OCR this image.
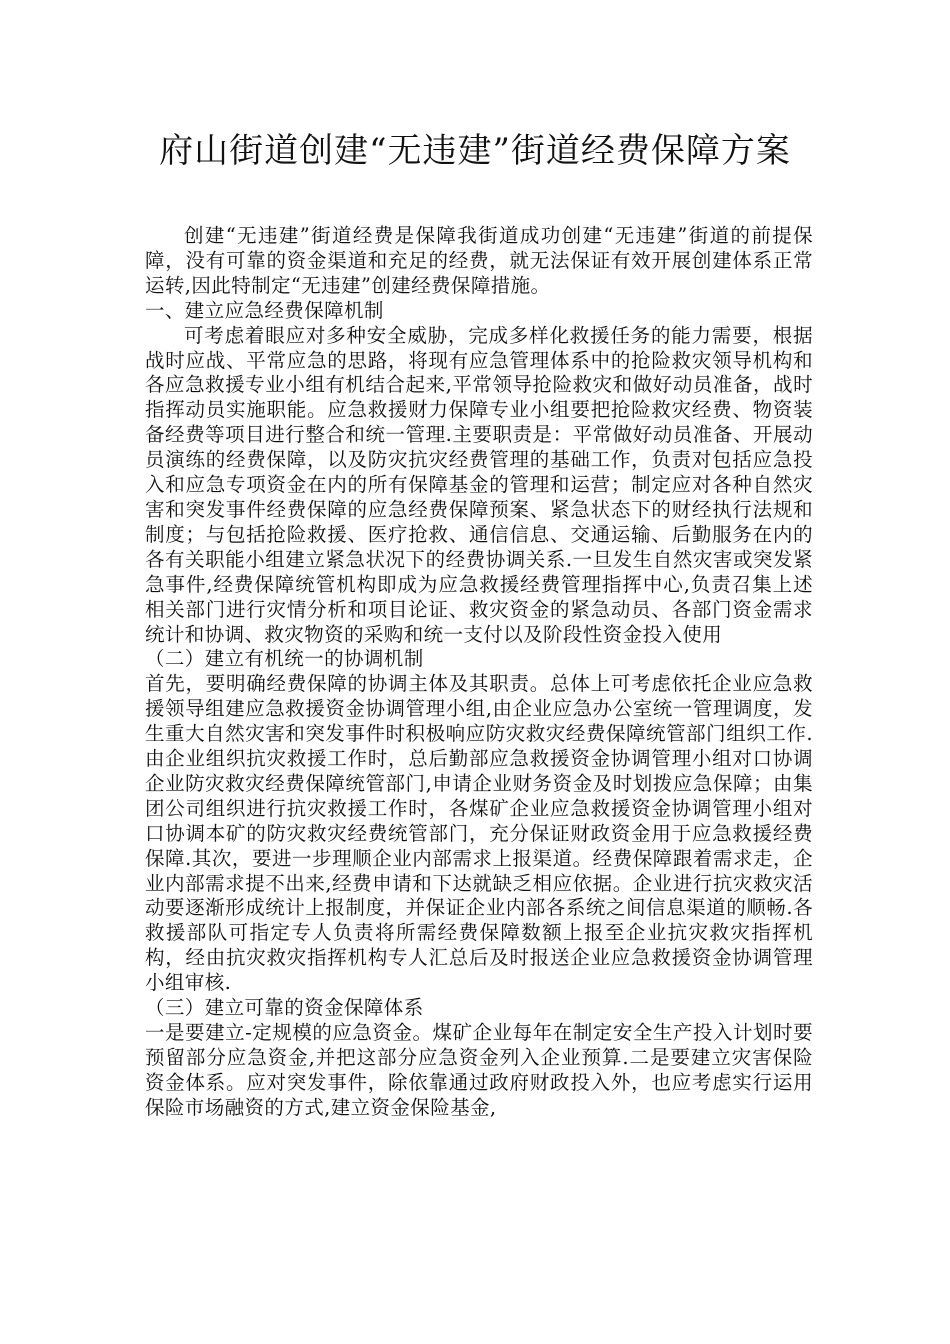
府山街道创建“无违建”街道经费保障方案

创建“无违建”街道经费是保障我街道成功创建“无违建”街道的前提保障，没有可靠的资金渠道和充足的经费，就无法保证有效开展创建体系正常运转,因此特制定“无违建”创建经费保障措施。

一、建立应急经费保障机制

可考虑着眼应对多种安全威胁，完成多样化救援任务的能力需要，根据战时应战、平常应急的思路，将现有应急管理体系中的抢险救灾领导机构和各应急救援专业小组有机结合起来,平常领导抢险救灾和做好动员准备，战时指挥动员实施职能。应急救援财力保障专业小组要把抢险救灾经费、物资装备经费等项目进行整合和统一管理.主要职责是：平常做好动员准备、开展动员演练的经费保障，以及防灾抗灾经费管理的基础工作，负责对包括应急投入和应急专项资金在内的所有保障基金的管理和运营；制定应对各种自然灾害和突发事件经费保障的应急经费保障预案、紧急状态下的财经执行法规和制度；与包括抢险救援、医疗抢救、通信信息、交通运输、后勤服务在内的各有关职能小组建立紧急状况下的经费协调关系.一旦发生自然灾害或突发紧急事件,经费保障统管机构即成为应急救援经费管理指挥中心,负责召集上述相关部门进行灾情分析和项目论证、救灾资金的紧急动员、各部门资金需求统计和协调、救灾物资的采购和统一支付以及阶段性资金投入使用

（二）建立有机统一的协调机制

首先，要明确经费保障的协调主体及其职责。总体上可考虑依托企业应急救援领导组建应急救援资金协调管理小组,由企业应急办公室统一管理调度，发生重大自然灾害和突发事件时积极响应防灾救灾经费保障统管部门组织工作.由企业组织抗灾救援工作时，总后勤部应急救援资金协调管理小组对口协调企业防灾救灾经费保障统管部门,申请企业财务资金及时划拨应急保障；由集团公司组织进行抗灾救援工作时，各煤矿企业应急救援资金协调管理小组对口协调本矿的防灾救灾经费统管部门，充分保证财政资金用于应急救援经费保障.其次，要进一步理顺企业内部需求上报渠道。经费保障跟着需求走，企业内部需求提不出来,经费申请和下达就缺乏相应依据。企业进行抗灾救灾活动要逐渐形成统计上报制度，并保证企业内部各系统之间信息渠道的顺畅.各救援部队可指定专人负责将所需经费保障数额上报至企业抗灾救灾指挥机构，经由抗灾救灾指挥机构专人汇总后及时报送企业应急救援资金协调管理小组审核.

（三）建立可靠的资金保障体系

一是要建立-定规模的应急资金。煤矿企业每年在制定安全生产投入计划时要预留部分应急资金,并把这部分应急资金列入企业预算.二是要建立灾害保险资金体系。应对突发事件，除依靠通过政府财政投入外，也应考虑实行运用保险市场融资的方式,建立资金保险基金,
